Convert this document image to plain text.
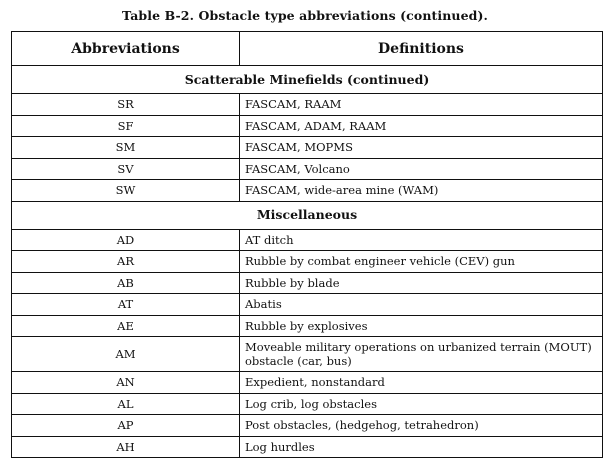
Table B-2. Obstacle type abbreviations (continued).
Abbreviations	Definitions
Scatterable Minefields (continued)	
SR	FASCAM, RAAM
SF	FASCAM, ADAM, RAAM
SM	FASCAM, MOPMS
SV	FASCAM, Volcano
SW	FASCAM, wide-area mine (WAM)
Miscellaneous	
AD	AT ditch
AR	Rubble by combat engineer vehicle (CEV) gun
AB	Rubble by blade
AT	Abatis
AE	Rubble by explosives
AM	Moveable military operations on urbanized terrain (MOUT) obstacle (car, bus)
AN	Expedient, nonstandard
AL	Log crib, log obstacles
AP	Post obstacles, (hedgehog, tetrahedron)
AH	Log hurdles
